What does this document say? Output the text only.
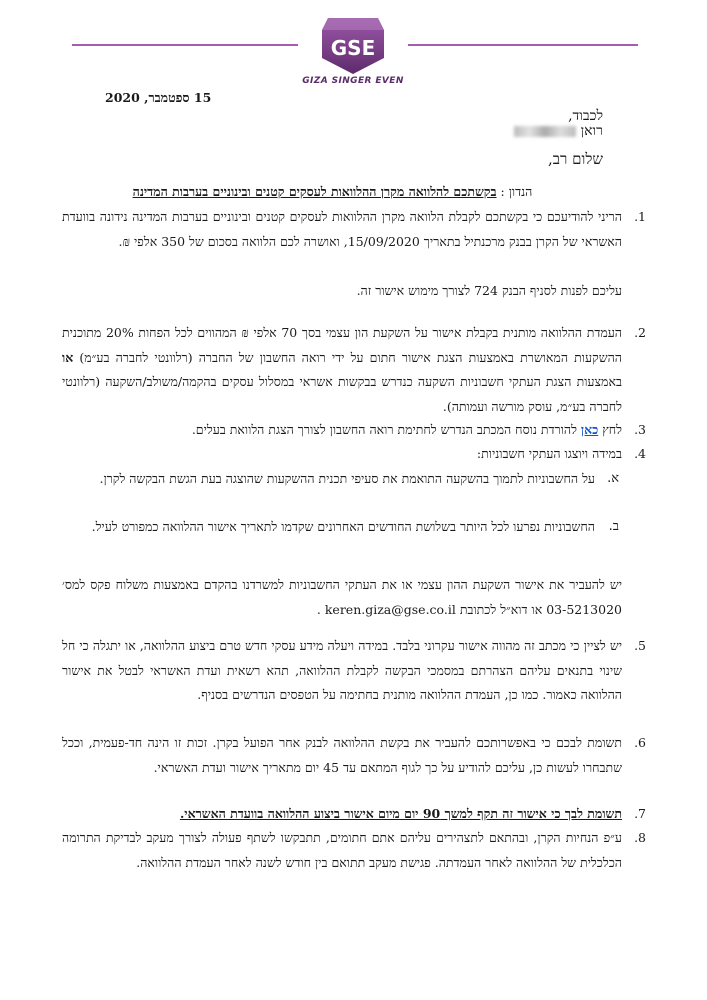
GSE
GIZA SINGER EVEN
15 ספטמבר, 2020
לכבוד,
רואן
שלום רב,
הנדון : בקשתכם להלוואה מקרן ההלוואות לעסקים קטנים ובינוניים בערבות המדינה
1.
הריני להודיעכם כי בקשתכם לקבלת הלוואה מקרן ההלוואות לעסקים קטנים ובינוניים בערבות המדינה נידונה בוועדת האשראי של הקרן בבנק מרכנתיל בתאריך 15/09/2020, ואושרה לכם הלוואה בסכום של 350 אלפי ₪.
עליכם לפנות לסניף הבנק 724 לצורך מימוש אישור זה.
2.
העמדת ההלוואה מותנית בקבלת אישור על השקעת הון עצמי בסך 70 אלפי ₪ המהווים לכל הפחות 20% מתוכנית ההשקעות המאושרת באמצעות הצגת אישור חתום על ידי רואה החשבון של החברה (רלוונטי לחברה בע״מ) או באמצעות הצגת העתקי חשבוניות השקעה כנדרש בבקשות אשראי במסלול עסקים בהקמה/משולב/השקעה (רלוונטי לחברה בע״מ, עוסק מורשה ועמותה).
3.
לחץ כאן להורדת נוסח המכתב הנדרש לחתימת רואה החשבון לצורך הצגת הלוואת בעלים.
4.
במידה ויוצגו העתקי חשבוניות:
א.
על החשבוניות לתמוך בהשקעה התואמת את סעיפי תכנית ההשקעות שהוצגה בעת הגשת הבקשה לקרן.
ב.
החשבוניות נפרעו לכל היותר בשלושת החודשים האחרונים שקדמו לתאריך אישור ההלוואה כמפורט לעיל.
יש להעביר את אישור השקעת ההון עצמי או את העתקי החשבוניות למשרדנו בהקדם באמצעות משלוח פקס למס׳ 03-5213020 או דוא״ל לכתובת keren.giza@gse.co.il .
5.
יש לציין כי מכתב זה מהווה אישור עקרוני בלבד. במידה ויעלה מידע עסקי חדש טרם ביצוע ההלוואה, או יתגלה כי חל שינוי בתנאים עליהם הצהרתם במסמכי הבקשה לקבלת ההלוואה, תהא רשאית ועדת האשראי לבטל את אישור ההלוואה כאמור. כמו כן, העמדת ההלוואה מותנית בחתימה על הטפסים הנדרשים בסניף.
6.
תשומת לבכם כי באפשרותכם להעביר את בקשת ההלוואה לבנק אחר הפועל בקרן. זכות זו הינה חד-פעמית, וככל שתבחרו לעשות כן, עליכם להודיע על כך לגוף המתאם עד 45 יום מתאריך אישור ועדת האשראי.
7.
תשומת לבך כי אישור זה תקף למשך 90 יום מיום אישור ביצוע ההלוואה בוועדת האשראי.
8.
ע״פ הנחיות הקרן, ובהתאם לתצהירים עליהם אתם חתומים, תתבקשו לשתף פעולה לצורך מעקב לבדיקת התרומה הכלכלית של ההלוואה לאחר העמדתה. פגישת מעקב תתואם בין חודש לשנה לאחר העמדת ההלוואה.
